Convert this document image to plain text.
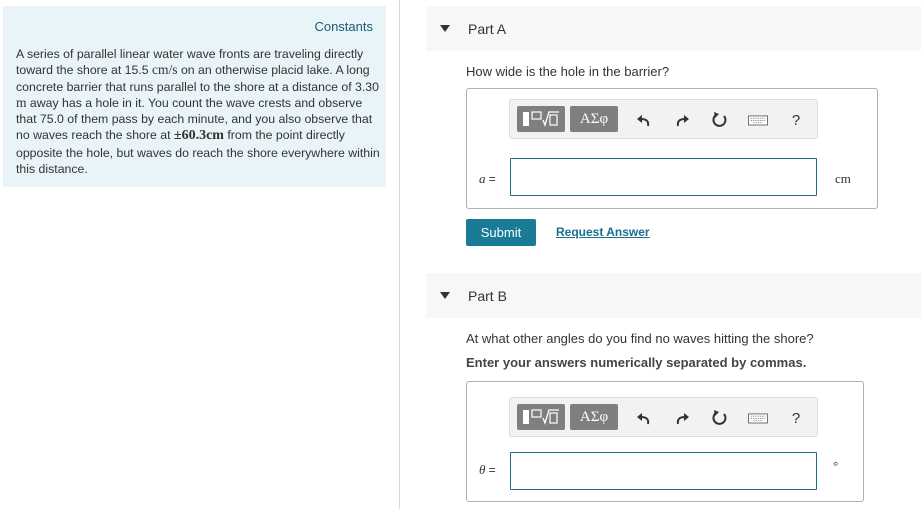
Constants
A series of parallel linear water wave fronts are traveling directly toward the shore at 15.5 cm/s on an otherwise placid lake. A long concrete barrier that runs parallel to the shore at a distance of 3.30 m away has a hole in it. You count the wave crests and observe that 75.0 of them pass by each minute, and you also observe that no waves reach the shore at ±60.3cm from the point directly opposite the hole, but waves do reach the shore everywhere within this distance.
Part A
How wide is the hole in the barrier?
ΑΣφ	?
a =	cm
Submit	Request Answer
Part B
At what other angles do you find no waves hitting the shore?
Enter your answers numerically separated by commas.
ΑΣφ	?
θ =	°
